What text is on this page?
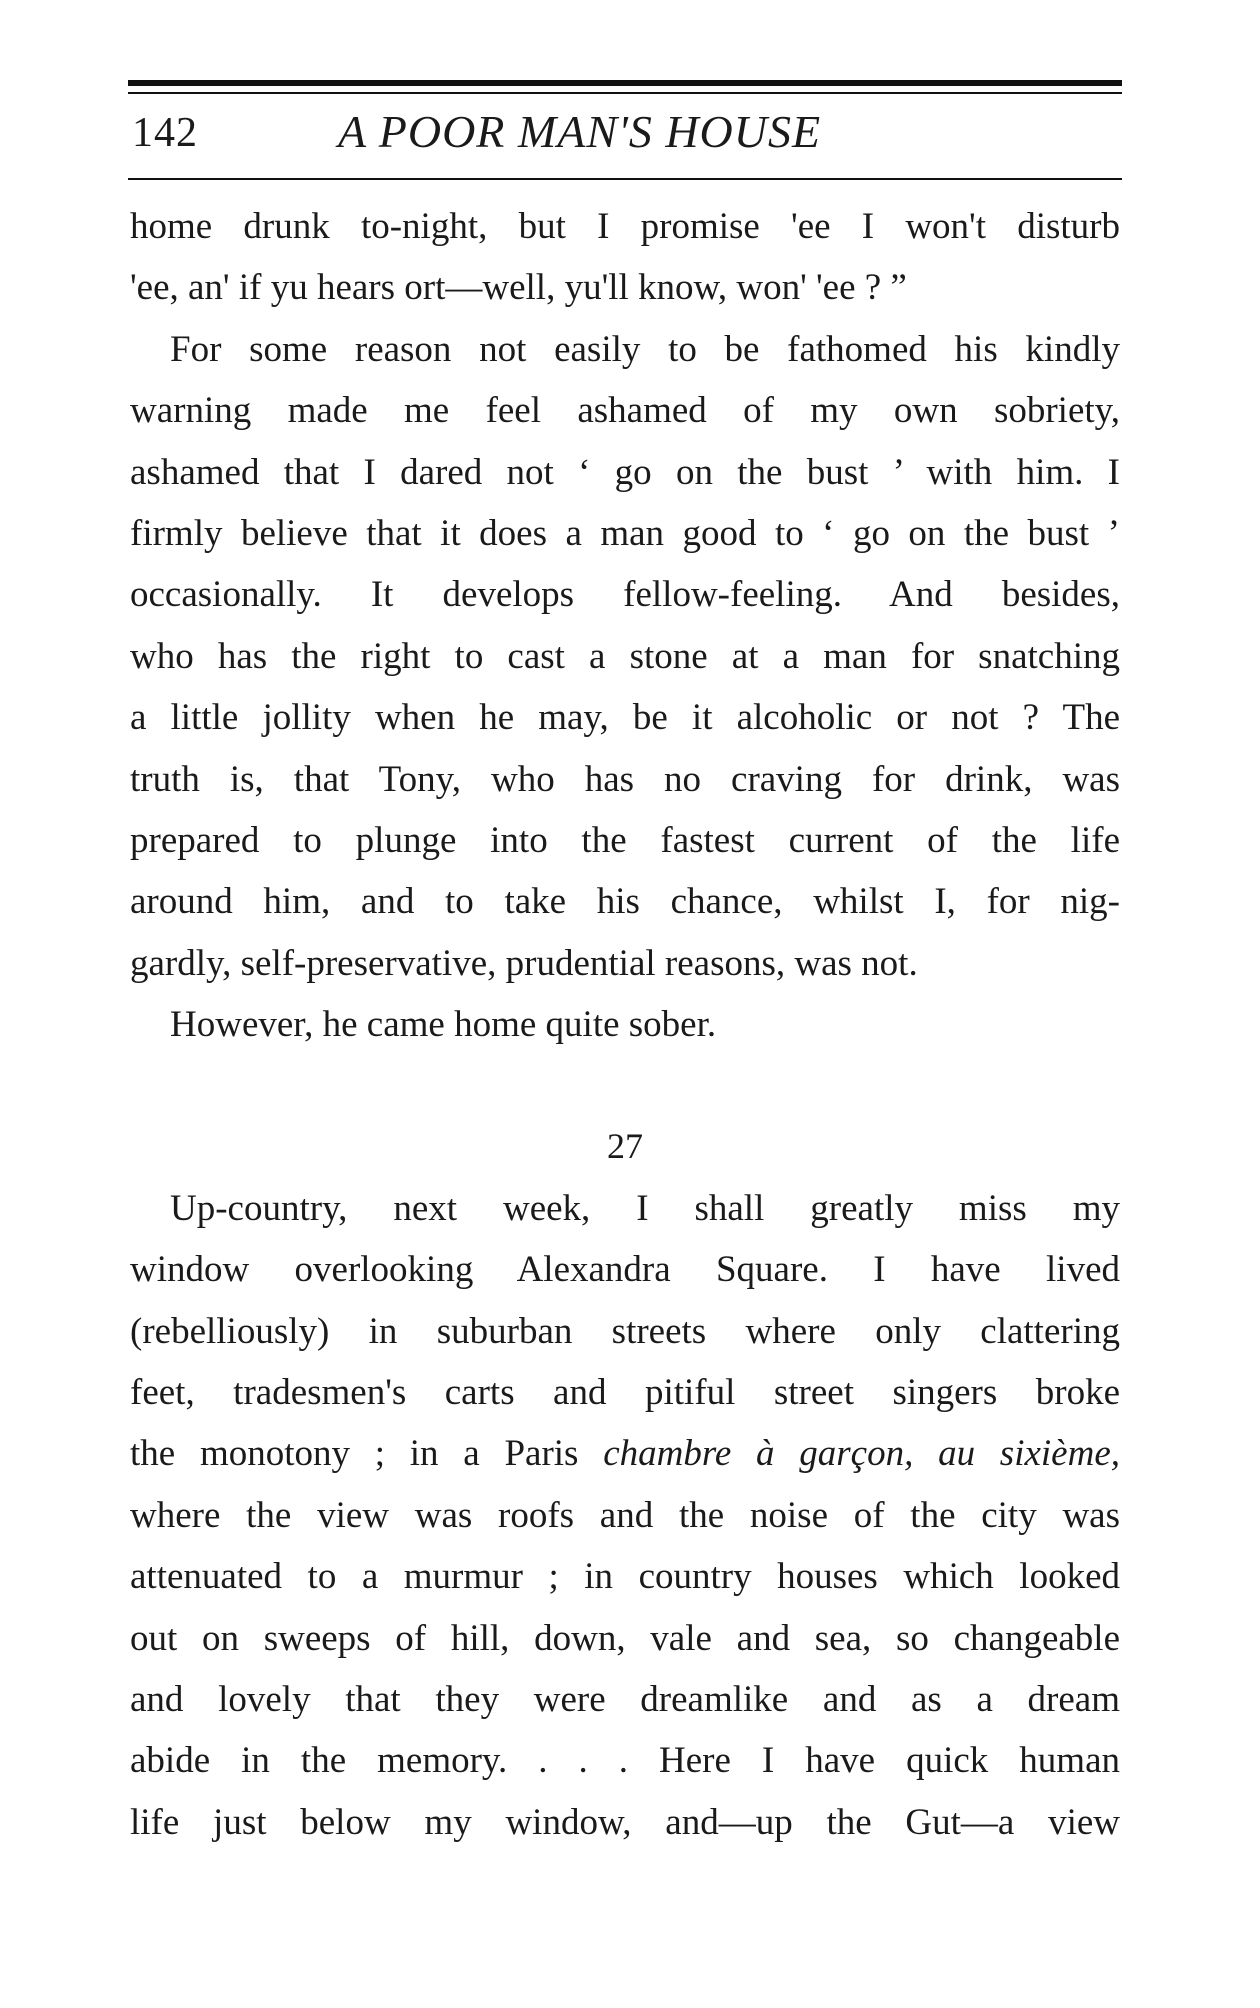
142	A POOR MAN'S HOUSE
home drunk to-night, but I promise 'ee I won't disturb
'ee, an' if yu hears ort—well, yu'll know, won' 'ee ? ”
For some reason not easily to be fathomed his kindly
warning made me feel ashamed of my own sobriety,
ashamed that I dared not ‘ go on the bust ’ with him. I
firmly believe that it does a man good to ‘ go on the bust ’
occasionally. It develops fellow-feeling. And besides,
who has the right to cast a stone at a man for snatching
a little jollity when he may, be it alcoholic or not ? The
truth is, that Tony, who has no craving for drink, was
prepared to plunge into the fastest current of the life
around him, and to take his chance, whilst I, for nig-
gardly, self-preservative, prudential reasons, was not.
However, he came home quite sober.
27
Up-country, next week, I shall greatly miss my
window overlooking Alexandra Square. I have lived
(rebelliously) in suburban streets where only clattering
feet, tradesmen's carts and pitiful street singers broke
the monotony ; in a Paris chambre à garçon, au sixième,
where the view was roofs and the noise of the city was
attenuated to a murmur ; in country houses which looked
out on sweeps of hill, down, vale and sea, so changeable
and lovely that they were dreamlike and as a dream
abide in the memory. . . . Here I have quick human
life just below my window, and—up the Gut—a view
